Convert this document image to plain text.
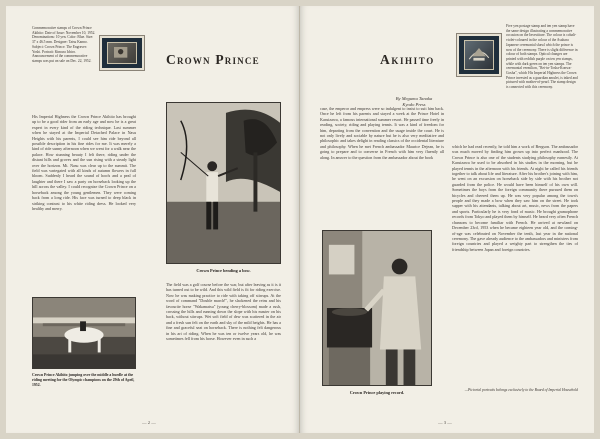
Commemorative stamps of Crown Prince Akihito: Date of Issue: November 10, 1952. Denominations: 10 yen. Color: Blue. Size: 37 x 46.5 mm. Designer: Tatsu Kanno. Subject: Crown Prince. The Engraver: Yoshi. Portrait: Kimura Ichiro. Announcement of the commemorative stamps was put on sale on Dec. 22, 1952.	Crown Prince

His Imperial Highness the Crown Prince Akihito has brought up to be a good rider from an early age and now he is a great expert in every kind of the riding technique. Last summer when he stayed at the Imperial Detached Palace in Nasu Heights with his parents, I could see him ride beyond all possible description in his fine rides for me. It was merely a kind of ride sunny afternoon when we went for a walk near the palace. How stunning beauty I felt there, riding under the distant hills and groves and the sun rising with a steady light over the horizon. Mt. Nasu was clear up to the summit. The field was variegated with all kinds of autumn flowers in full bloom. Suddenly I heard the sound of hoofs and a peal of laughter and there I saw a party on horseback looking up the hill across the valley. I could recognize the Crown Prince on a horseback among the young gentlemen. They were coming back from a long ride. His face was turned to deep black in striking contrast to his white riding dress. He looked very healthy and merry.

Crown Prince Akihito jumping over the middle a hurdle at the riding meeting for the Olympic champions on the 29th of April, 1952.

Crown Prince bending a bow.

The field was a golf course before the war, but after leaving as it is it has turned out to be wild. And this wild field is fit for riding exercise. Now he was making practice to ride with taking off stirrups. At the word of command "Double march!", he slackened the reins and his favourite horse "Wakamatsu" (young cherry-blossom) made a rush, crossing the hills and running down the slope with his master on his back, without stirrups. Wet soft field of dew was scattered in the air and a fresh sun felt on the earth and sky of the mild heights. He has a fine and graceful seat on horseback. There is nothing felt dangerous in his art of riding. When he was ten or twelve years old, he was sometimes fell from his horse. However even in such a

— 2 —
Akihito

By Megumu Tanaka
Kyodo Press

Five yen postage stamp and ten yen stamp have the same design illustrating a commemorative occasion on the Investiture. The colour is cobalt-violet-coloured in the colour of the Asahara Japanese ceremonial shawl which the prince is now of the ceremony. There is slight difference in colour of both stamps. Optical changes are printed with reddish purple on ten yen stamps, while with dark green on ten yen stamps. The ceremonial vermilion, "Rei-in-Tosha-Konwa-Gosha", which His Imperial Highness the Crown Prince invested as a guardian amulet, is inked and pictured with mother-of-pearl. The stamp design is connected with this ceremony.

case, the emperor and empress were so indulgent to insist to suit him back. Once he left from his parents and stayed a week at the Prince Hotel in Karuizawa, a famous international summer resort. He passed time freely in reading, society, riding and playing tennis. It was a kind of freedom for him, departing from the convention and the usage inside the court. He is not only lively and sociable by nature but he is also very meditative and philosophic and takes delight in reading classics of the occidental literature and philosophy. When he met French ambassador Maurice Dejean, he is going to prepare and to converse in French with him very fluently all along. In answer to the question from the ambassador about the book

Crown Prince playing record.

which he had read recently, he told him a work of Bergson. The ambassador was much moved by finding him grown up into perfect manhood. The Crown Prince is also one of the students studying philosophy earnestly. At Karuizawa he used to be absorbed in his studies in the morning, but he played tennis in the afternoon with his friends. At night he called his friends together to talk about life and literature. After his brother's joining with him, he went on an excursion on horseback side by side with his brother not guarded from the police. He would have been himself of his own will. Sometimes the boys from the foreign community there pursued them on bicycles and cheered them up. He was very popular among the town's people and they made a bow when they saw him on the street. He took supper with his attendants, talking about art, music, news from the papers and sports. Particularly he is very fond of music. He brought gramophone records from Tokyo and played them by himself. He heard very often French chansons to become familiar with French. He arrived at newland on December 23rd, 1953 when he became eighteen year old, and the coming-of-age was celebrated on November the tenth, last year in the national ceremony. The gave already audience to the ambassadors and ministers from foreign countries and played a weighty part to strengthen the ties of friendship between Japan and foreign countries.

—Pictorial portraits belongs exclusively to the Board of Imperial Household

— 3 —
